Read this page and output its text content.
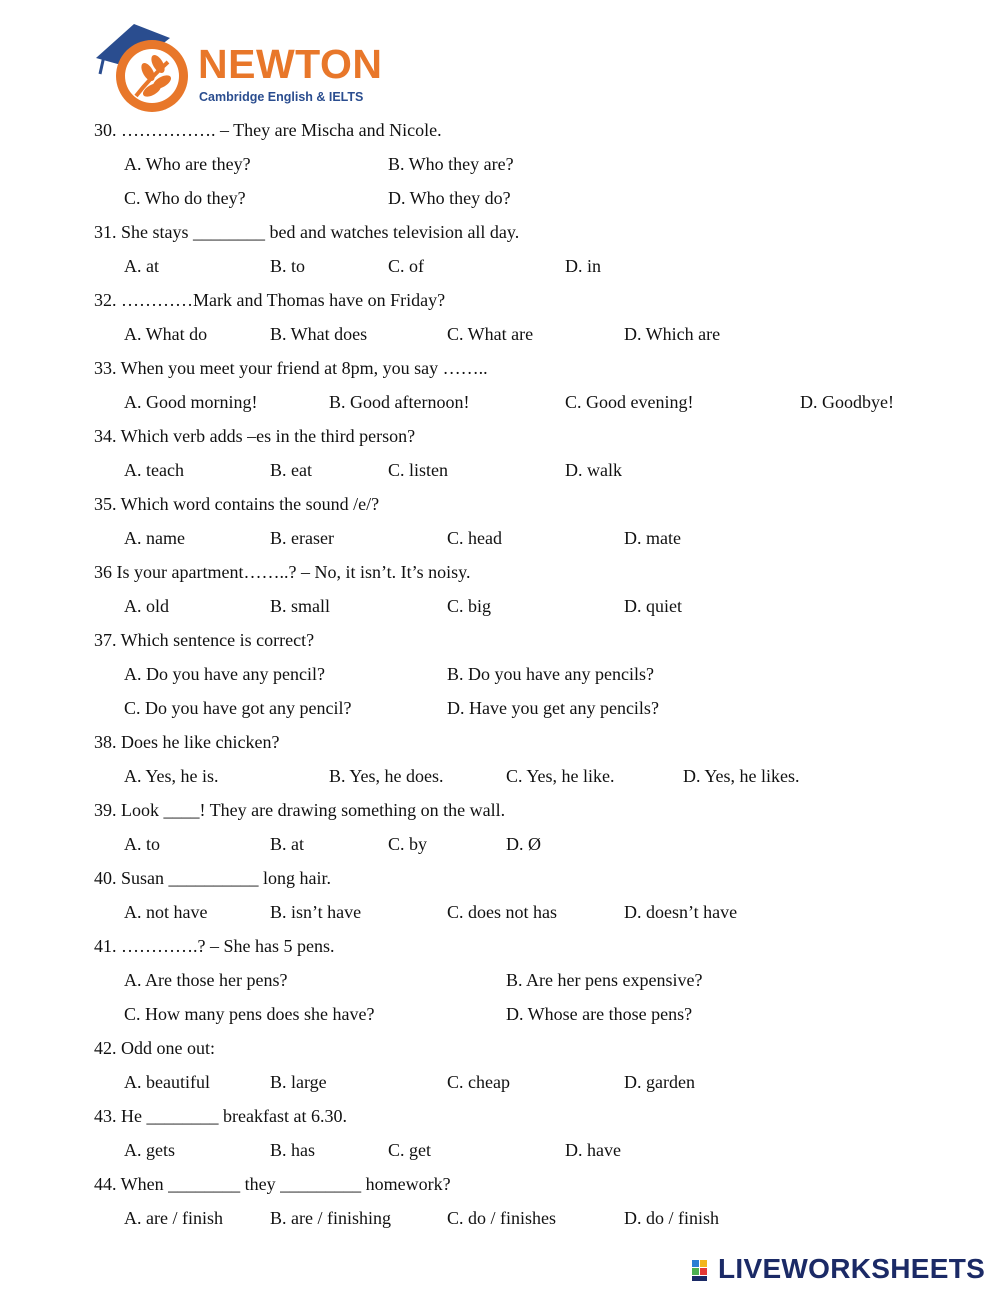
NEWTON
Cambridge English & IELTS
30. ……………. – They are Mischa and Nicole.
A. Who are they?	B. Who they are?
C. Who do they?	D. Who they do?
31. She stays ________ bed and watches television all day.
A. at	B. to	C. of	D. in
32. …………Mark and Thomas have on Friday?
A. What do	B. What does	C. What are	D. Which are
33. When you meet your friend at 8pm, you say ……..
A. Good morning!	B. Good afternoon!	C. Good evening!	D. Goodbye!
34. Which verb adds –es in the third person?
A. teach	B. eat	C. listen	D. walk
35. Which word contains the sound /e/?
A. name	B. eraser	C. head	D. mate
36 Is your apartment……..? – No, it isn’t. It’s noisy.
A. old	B. small	C. big	D. quiet
37. Which sentence is correct?
A. Do you have any pencil?	B. Do you have any pencils?
C. Do you have got any pencil?	D. Have you get any pencils?
38. Does he like chicken?
A. Yes, he is.	B. Yes, he does.	C. Yes, he like.	D. Yes, he likes.
39. Look ____! They are drawing something on the wall.
A. to	B. at	C. by	D. Ø
40. Susan __________ long hair.
A. not have	B. isn’t have	C. does not has	D. doesn’t have
41. ………….? – She has 5 pens.
A. Are those her pens?	B. Are her pens expensive?
C. How many pens does she have?	D. Whose are those pens?
42. Odd one out:
A. beautiful	B. large	C. cheap	D. garden
43. He ________ breakfast at 6.30.
A. gets	B. has	C. get	D. have
44. When ________ they _________ homework?
A. are / finish	B. are / finishing	C. do / finishes	D. do / finish
LIVEWORKSHEETS
